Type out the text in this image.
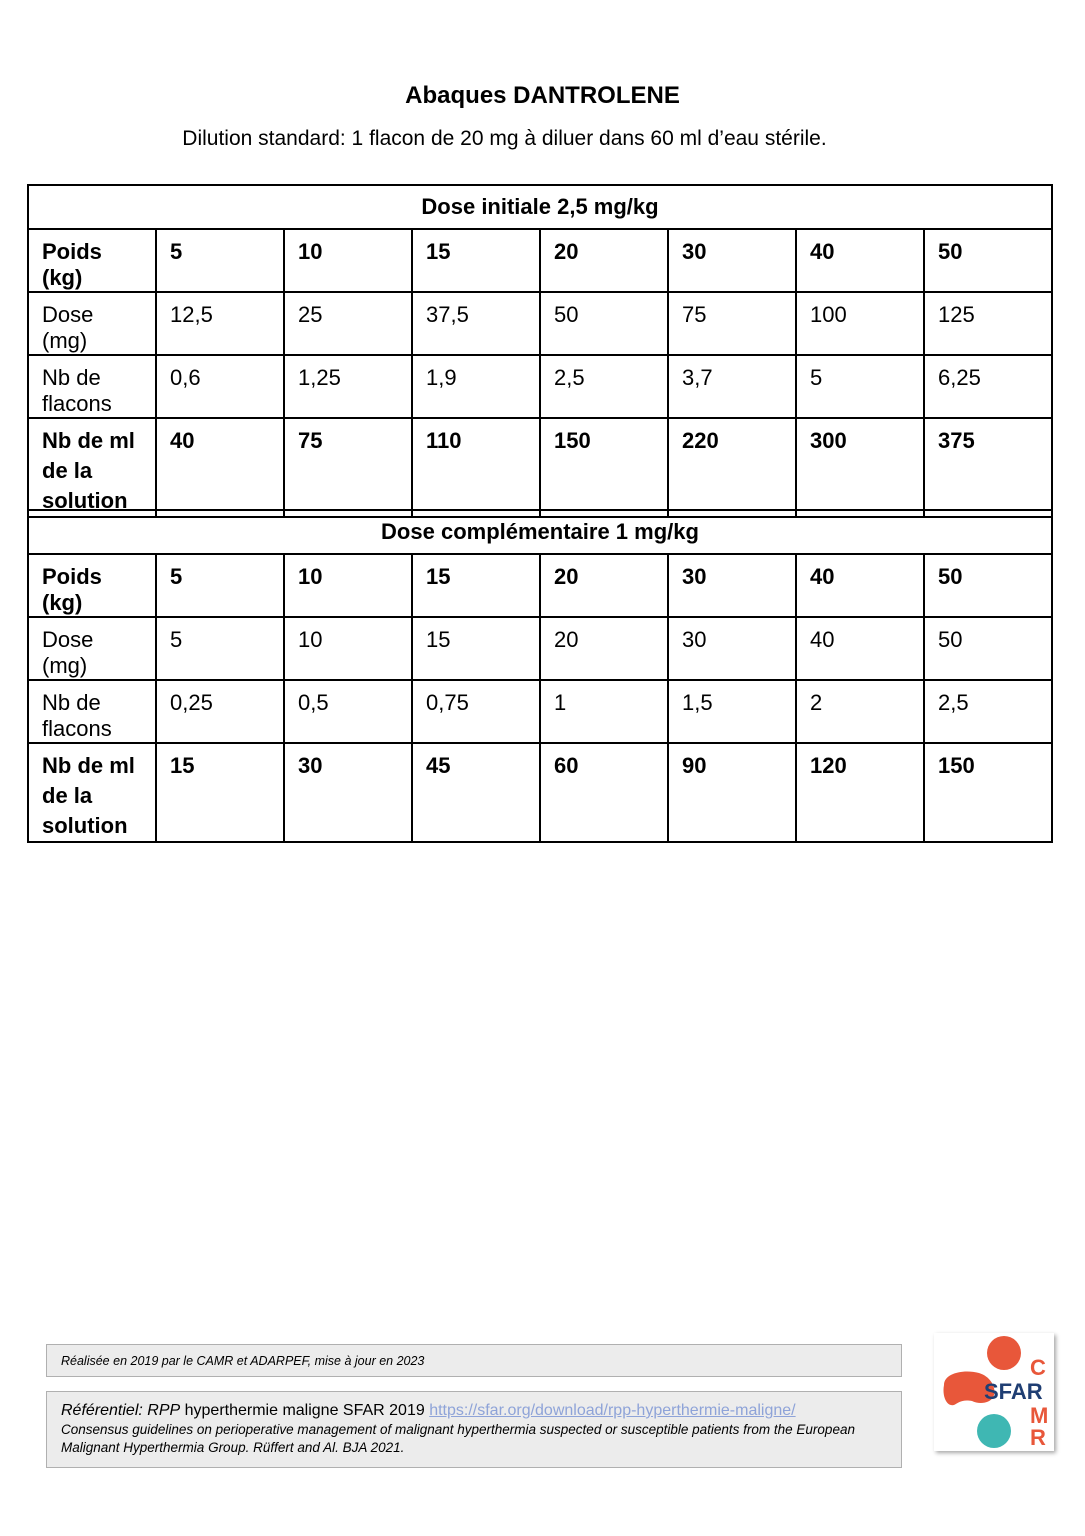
Abaques DANTROLENE
Dilution standard: 1 flacon de 20 mg à diluer dans 60 ml d’eau stérile.
Dose initiale 2,5 mg/kg							
Poids (kg)	5	10	15	20	30	40	50
Dose (mg)	12,5	25	37,5	50	75	100	125
Nb de flacons	0,6	1,25	1,9	2,5	3,7	5	6,25
Nb de ml de la solution	40	75	110	150	220	300	375
Dose complémentaire 1 mg/kg							
Poids (kg)	5	10	15	20	30	40	50
Dose (mg)	5	10	15	20	30	40	50
Nb de flacons	0,25	0,5	0,75	1	1,5	2	2,5
Nb de ml de la solution	15	30	45	60	90	120	150
Réalisée en 2019 par le CAMR et ADARPEF, mise à jour en 2023
Référentiel: RPP hyperthermie maligne SFAR 2019 https://sfar.org/download/rpp-hyperthermie-maligne/
Consensus guidelines on perioperative management of malignant hyperthermia suspected or susceptible patients from the European Malignant Hyperthermia Group. Rüffert and Al. BJA 2021.
C
SFAR
M
R
